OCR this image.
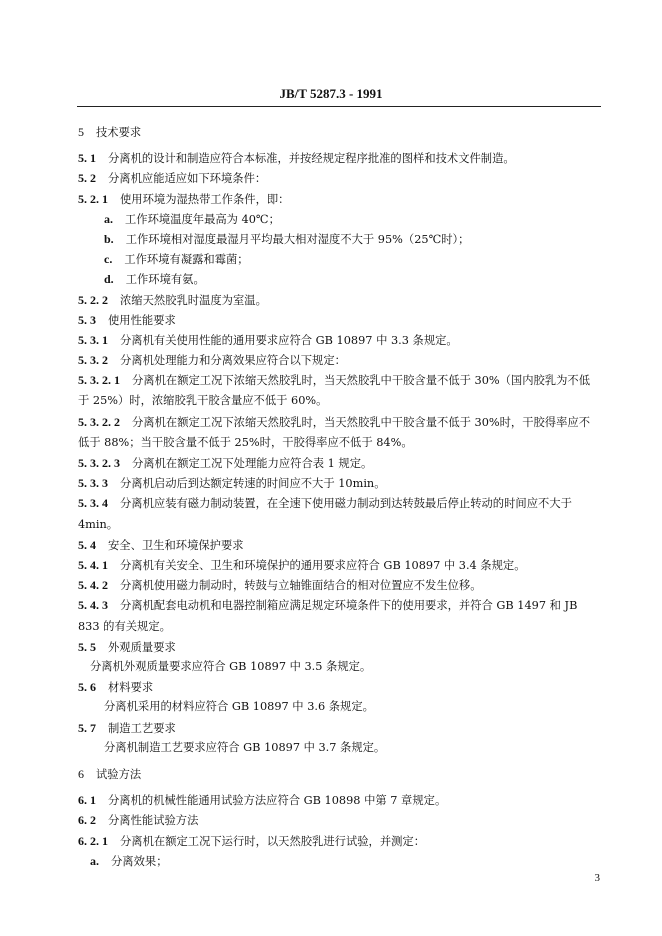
JB/T 5287.3 - 1991
5 技术要求
5. 1 分离机的设计和制造应符合本标准，并按经规定程序批准的图样和技术文件制造。
5. 2 分离机应能适应如下环境条件：
5. 2. 1 使用环境为湿热带工作条件，即：
a. 工作环境温度年最高为 40℃；
b. 工作环境相对湿度最湿月平均最大相对湿度不大于 95%（25℃时）；
c. 工作环境有凝露和霉菌；
d. 工作环境有氨。
5. 2. 2 浓缩天然胶乳时温度为室温。
5. 3 使用性能要求
5. 3. 1 分离机有关使用性能的通用要求应符合 GB 10897 中 3.3 条规定。
5. 3. 2 分离机处理能力和分离效果应符合以下规定：
5. 3. 2. 1 分离机在额定工况下浓缩天然胶乳时，当天然胶乳中干胶含量不低于 30%（国内胶乳为不低于 25%）时，浓缩胶乳干胶含量应不低于 60%。
5. 3. 2. 2 分离机在额定工况下浓缩天然胶乳时，当天然胶乳中干胶含量不低于 30%时，干胶得率应不低于 88%；当干胶含量不低于 25%时，干胶得率应不低于 84%。
5. 3. 2. 3 分离机在额定工况下处理能力应符合表 1 规定。
5. 3. 3 分离机启动后到达额定转速的时间应不大于 10min。
5. 3. 4 分离机应装有磁力制动装置，在全速下使用磁力制动到达转鼓最后停止转动的时间应不大于 4min。
5. 4 安全、卫生和环境保护要求
5. 4. 1 分离机有关安全、卫生和环境保护的通用要求应符合 GB 10897 中 3.4 条规定。
5. 4. 2 分离机使用磁力制动时，转鼓与立轴锥面结合的相对位置应不发生位移。
5. 4. 3 分离机配套电动机和电器控制箱应满足规定环境条件下的使用要求，并符合 GB 1497 和 JB 833 的有关规定。
5. 5 外观质量要求
分离机外观质量要求应符合 GB 10897 中 3.5 条规定。
5. 6 材料要求
分离机采用的材料应符合 GB 10897 中 3.6 条规定。
5. 7 制造工艺要求
分离机制造工艺要求应符合 GB 10897 中 3.7 条规定。
6 试验方法
6. 1 分离机的机械性能通用试验方法应符合 GB 10898 中第 7 章规定。
6. 2 分离性能试验方法
6. 2. 1 分离机在额定工况下运行时，以天然胶乳进行试验，并测定：
a. 分离效果；
3
